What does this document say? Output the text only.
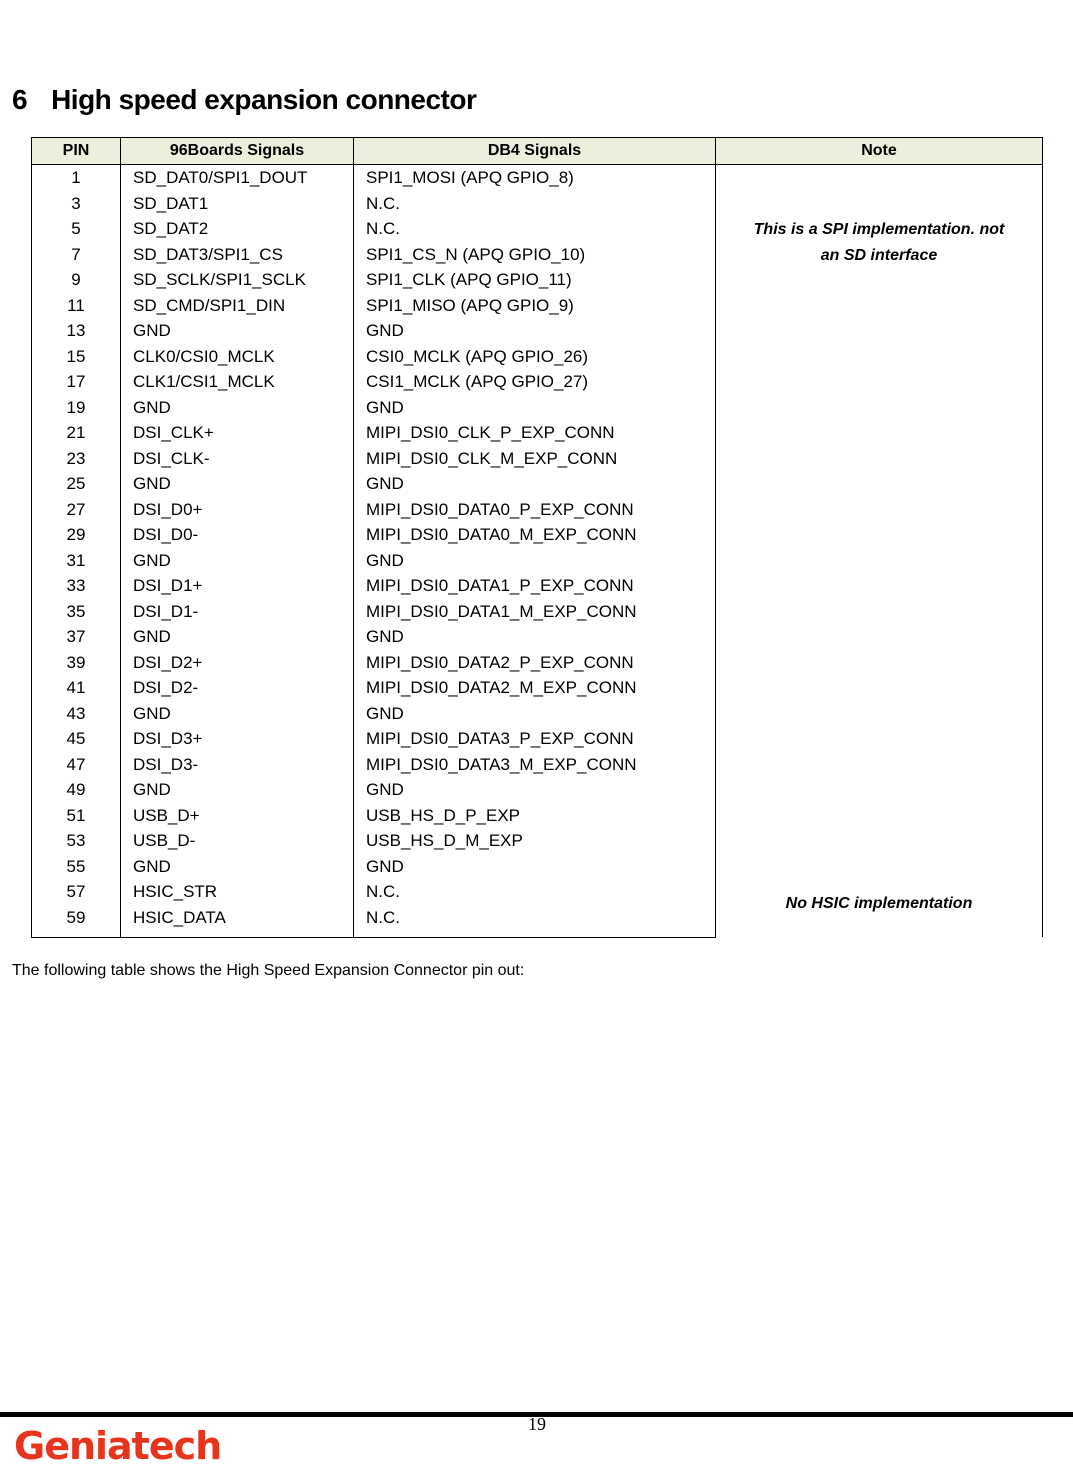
6 High speed expansion connector
PIN	96Boards Signals	DB4 Signals	Note
1	SD_DAT0/SPI1_DOUT	SPI1_MOSI (APQ GPIO_8)	This is a SPI implementation. not
an SD interface
No HSIC implementation

3	SD_DAT1	N.C.	
5	SD_DAT2	N.C.	
7	SD_DAT3/SPI1_CS	SPI1_CS_N (APQ GPIO_10)	
9	SD_SCLK/SPI1_SCLK	SPI1_CLK (APQ GPIO_11)	
11	SD_CMD/SPI1_DIN	SPI1_MISO (APQ GPIO_9)	
13	GND	GND	
15	CLK0/CSI0_MCLK	CSI0_MCLK (APQ GPIO_26)	
17	CLK1/CSI1_MCLK	CSI1_MCLK (APQ GPIO_27)	
19	GND	GND	
21	DSI_CLK+	MIPI_DSI0_CLK_P_EXP_CONN	
23	DSI_CLK-	MIPI_DSI0_CLK_M_EXP_CONN	
25	GND	GND	
27	DSI_D0+	MIPI_DSI0_DATA0_P_EXP_CONN	
29	DSI_D0-	MIPI_DSI0_DATA0_M_EXP_CONN	
31	GND	GND	
33	DSI_D1+	MIPI_DSI0_DATA1_P_EXP_CONN	
35	DSI_D1-	MIPI_DSI0_DATA1_M_EXP_CONN	
37	GND	GND	
39	DSI_D2+	MIPI_DSI0_DATA2_P_EXP_CONN	
41	DSI_D2-	MIPI_DSI0_DATA2_M_EXP_CONN	
43	GND	GND	
45	DSI_D3+	MIPI_DSI0_DATA3_P_EXP_CONN	
47	DSI_D3-	MIPI_DSI0_DATA3_M_EXP_CONN	
49	GND	GND	
51	USB_D+	USB_HS_D_P_EXP	
53	USB_D-	USB_HS_D_M_EXP	
55	GND	GND	
57	HSIC_STR	N.C.	
59	HSIC_DATA	N.C.	
The following table shows the High Speed Expansion Connector pin out:
19
Geniatech
